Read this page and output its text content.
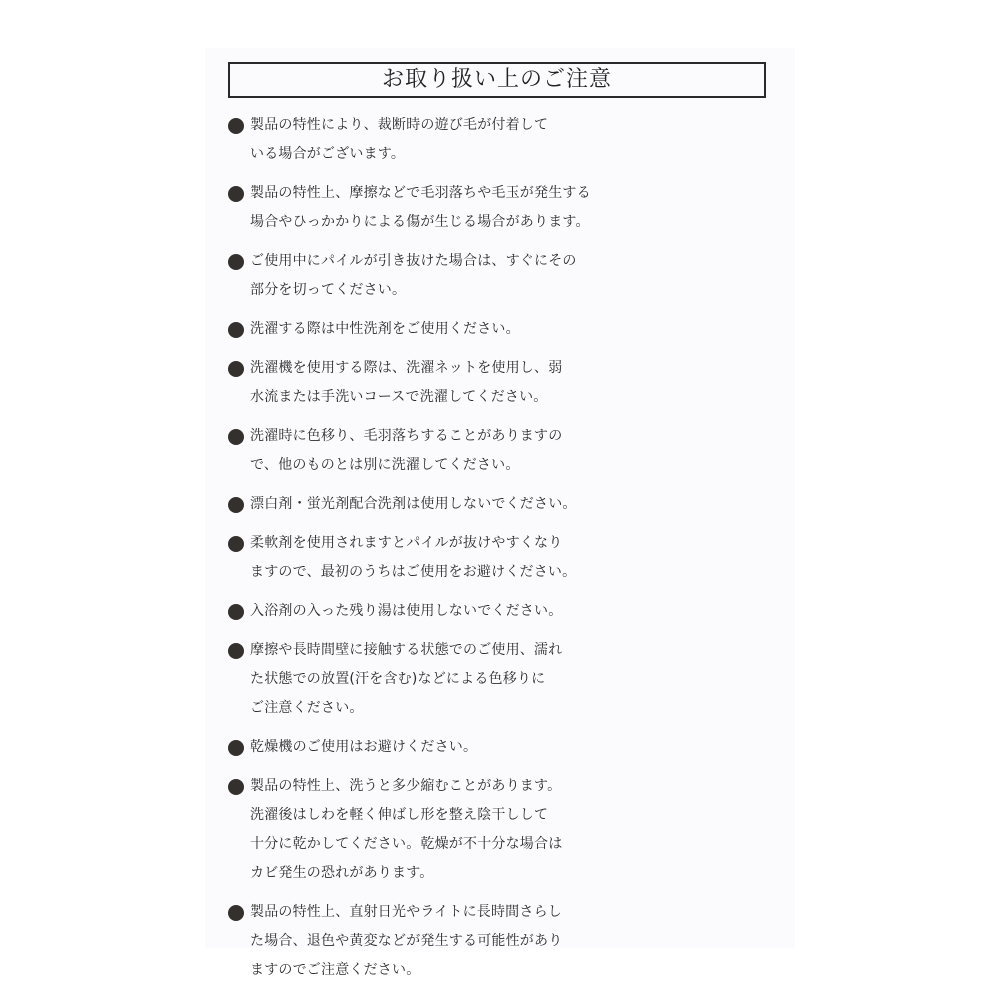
お取り扱い上のご注意
製品の特性により、裁断時の遊び毛が付着して
いる場合がございます。
製品の特性上、摩擦などで毛羽落ちや毛玉が発生する
場合やひっかかりによる傷が生じる場合があります。
ご使用中にパイルが引き抜けた場合は、すぐにその
部分を切ってください。
洗濯する際は中性洗剤をご使用ください。
洗濯機を使用する際は、洗濯ネットを使用し、弱
水流または手洗いコースで洗濯してください。
洗濯時に色移り、毛羽落ちすることがありますの
で、他のものとは別に洗濯してください。
漂白剤・蛍光剤配合洗剤は使用しないでください。
柔軟剤を使用されますとパイルが抜けやすくなり
ますので、最初のうちはご使用をお避けください。
入浴剤の入った残り湯は使用しないでください。
摩擦や長時間壁に接触する状態でのご使用、濡れ
た状態での放置(汗を含む)などによる色移りに
ご注意ください。
乾燥機のご使用はお避けください。
製品の特性上、洗うと多少縮むことがあります。
洗濯後はしわを軽く伸ばし形を整え陰干しして
十分に乾かしてください。乾燥が不十分な場合は
カビ発生の恐れがあります。
製品の特性上、直射日光やライトに長時間さらし
た場合、退色や黄変などが発生する可能性があり
ますのでご注意ください。
